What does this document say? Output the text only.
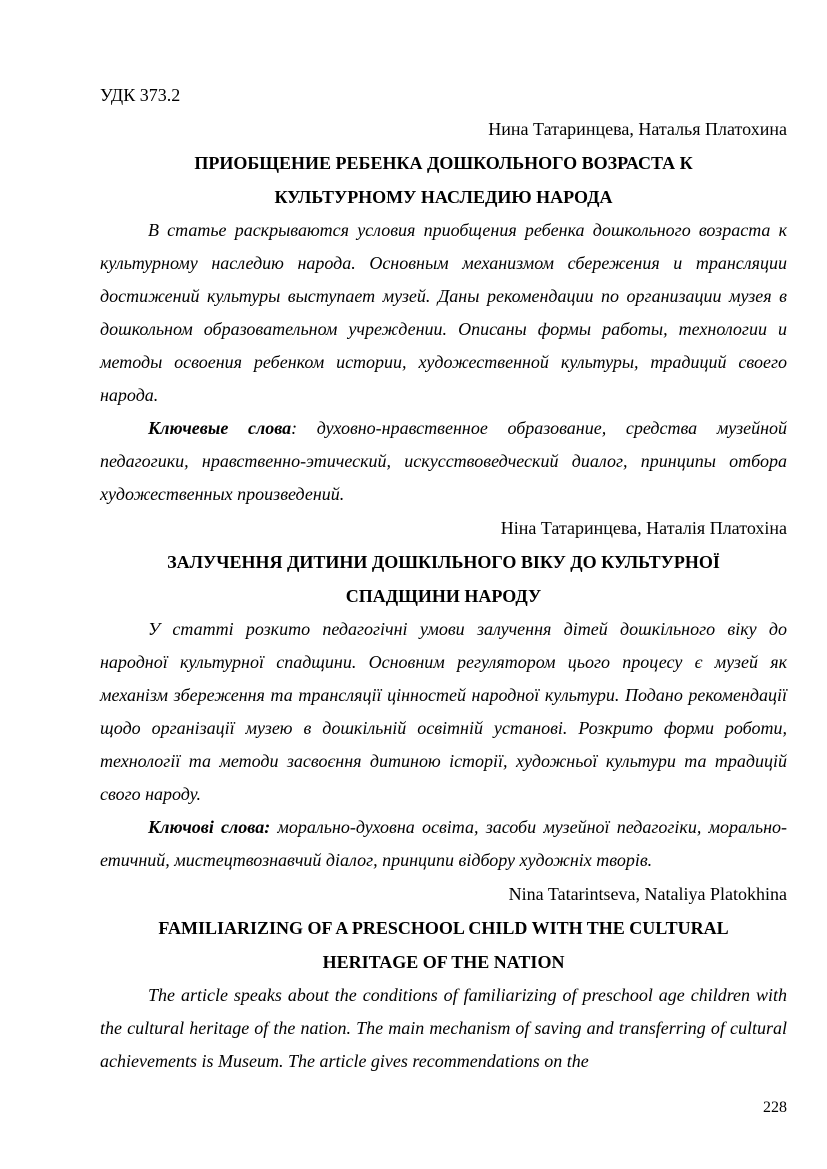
УДК 373.2

Нина Татаринцева, Наталья Платохина

ПРИОБЩЕНИЕ РЕБЕНКА ДОШКОЛЬНОГО ВОЗРАСТА К

КУЛЬТУРНОМУ НАСЛЕДИЮ НАРОДА

В статье раскрываются условия приобщения ребенка дошкольного возраста к культурному наследию народа. Основным механизмом сбережения и трансляции достижений культуры выступает музей. Даны рекомендации по организации музея в дошкольном образовательном учреждении. Описаны формы работы, технологии и методы освоения ребенком истории, художественной культуры, традиций своего народа.

Ключевые слова: духовно-нравственное образование, средства музейной педагогики, нравственно-этический, искусствоведческий диалог, принципы отбора художественных произведений.

Ніна Татаринцева, Наталія Платохіна

ЗАЛУЧЕННЯ ДИТИНИ ДОШКІЛЬНОГО ВІКУ ДО КУЛЬТУРНОЇ

СПАДЩИНИ НАРОДУ

У статті розкито педагогічні умови залучення дітей дошкільного віку до народної культурної спадщини. Основним регулятором цього процесу є музей як механізм збереження та трансляції цінностей народної культури. Подано рекомендації щодо організації музею в дошкільній освітній установі. Розкрито форми роботи, технології та методи засвоєння дитиною історії, художньої культури та традицій свого народу.

Ключові слова: морально-духовна освіта, засоби музейної педагогіки, морально-етичний, мистецтвознавчий діалог, принципи відбору художніх творів.

Nina Tatarintseva, Nataliya Platokhina

FAMILIARIZING OF A PRESCHOOL CHILD WITH THE CULTURAL

HERITAGE OF THE NATION

The article speaks about the conditions of familiarizing of preschool age children with the cultural heritage of the nation. The main mechanism of saving and transferring of cultural achievements is Museum. The article gives recommendations on the

228
